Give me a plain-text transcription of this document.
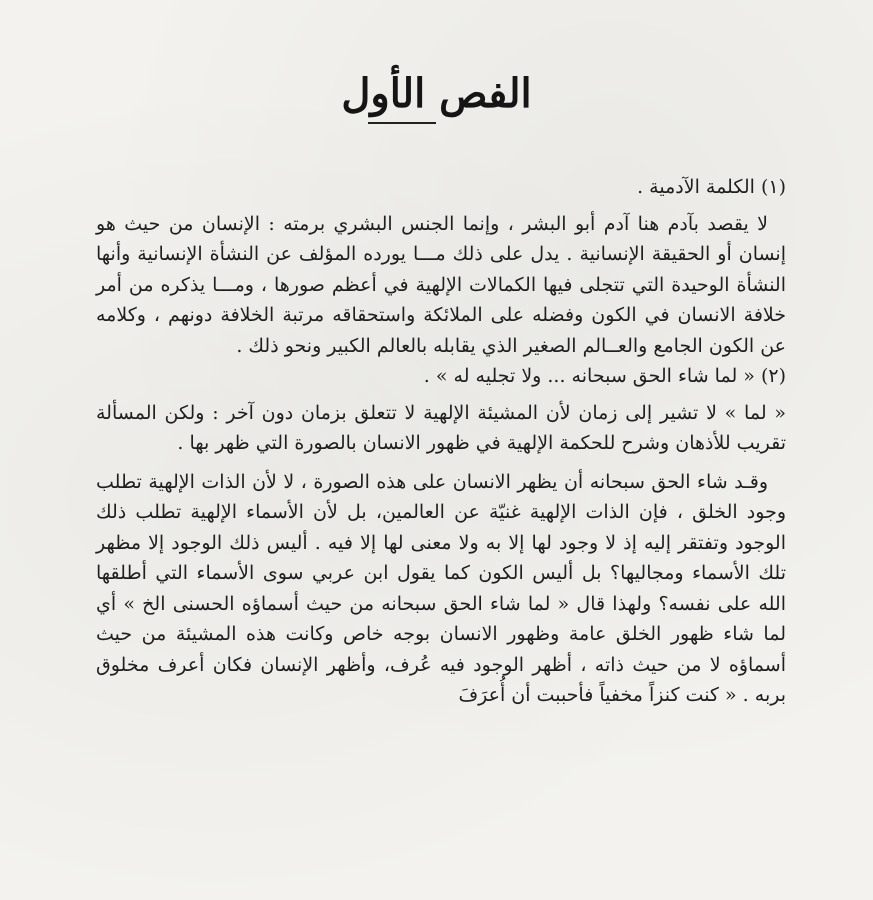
الفص الأول

(١) الكلمة الآدمية .

لا يقصد بآدم هنا آدم أبو البشر ، وإنما الجنس البشري برمته : الإنسان من حيث هو إنسان أو الحقيقة الإنسانية . يدل على ذلك مـــا يورده المؤلف عن النشأة الإنسانية وأنها النشأة الوحيدة التي تتجلى فيها الكمالات الإلهية في أعظم صورها ، ومـــا يذكره من أمر خلافة الانسان في الكون وفضله على الملائكة واستحقاقه مرتبة الخلافة دونهم ، وكلامه عن الكون الجامع والعــالم الصغير الذي يقابله بالعالم الكبير ونحو ذلك .

(٢) « لما شاء الحق سبحانه ... ولا تجليه له » .

« لما » لا تشير إلى زمان لأن المشيئة الإلهية لا تتعلق بزمان دون آخر : ولكن المسألة تقريب للأذهان وشرح للحكمة الإلهية في ظهور الانسان بالصورة التي ظهر بها .

وقـد شاء الحق سبحانه أن يظهر الانسان على هذه الصورة ، لا لأن الذات الإلهية تطلب وجود الخلق ، فإن الذات الإلهية غنيّة عن العالمين، بل لأن الأسماء الإلهية تطلب ذلك الوجود وتفتقر إليه إذ لا وجود لها إلا به ولا معنى لها إلا فيه . أليس ذلك الوجود إلا مظهر تلك الأسماء ومجاليها؟ بل أليس الكون كما يقول ابن عربي سوى الأسماء التي أطلقها الله على نفسه؟ ولهذا قال « لما شاء الحق سبحانه من حيث أسماؤه الحسنى الخ » أي لما شاء ظهور الخلق عامة وظهور الانسان بوجه خاص وكانت هذه المشيئة من حيث أسماؤه لا من حيث ذاته ، أظهر الوجود فيه عُرف، وأظهر الإنسان فكان أعرف مخلوق بربه . « كنت كنزاً مخفياً فأحببت أن أُعرَفَ
